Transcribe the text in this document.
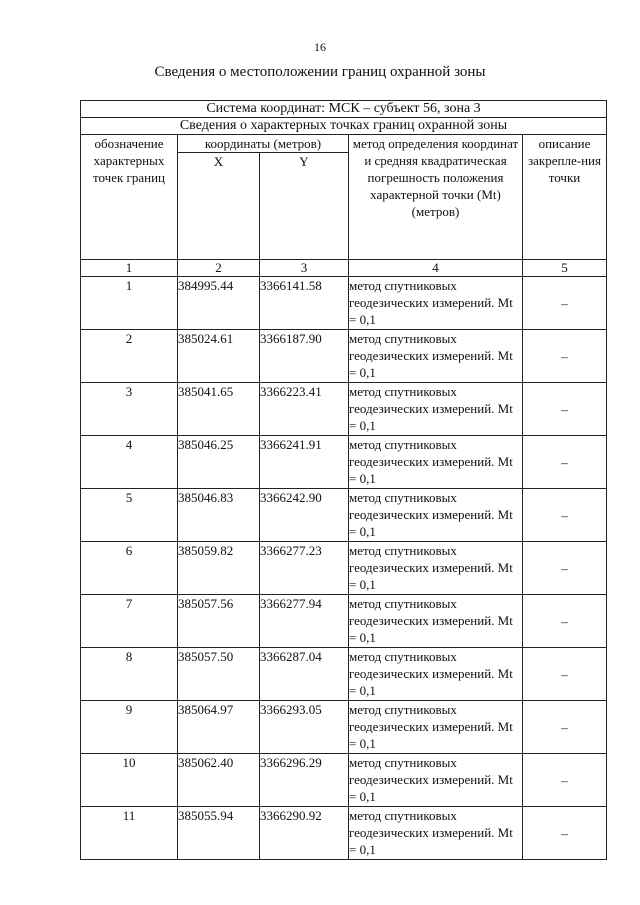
16
Сведения о местоположении границ охранной зоны
Система координат: МСК – субъект 56, зона 3				
Сведения о характерных точках границ охранной зоны				
обозначение характерных точек границ	координаты (метров)		метод определения координат и средняя квадратическая погрешность положения характерной точки (Mt) (метров)	описание закрепле-ния точки
	X	Y		
1	2	3	4	5
1	384995.44	3366141.58	метод спутниковых геодезических измерений. Mt = 0,1	–
2	385024.61	3366187.90	метод спутниковых геодезических измерений. Mt = 0,1	–
3	385041.65	3366223.41	метод спутниковых геодезических измерений. Mt = 0,1	–
4	385046.25	3366241.91	метод спутниковых геодезических измерений. Mt = 0,1	–
5	385046.83	3366242.90	метод спутниковых геодезических измерений. Mt = 0,1	–
6	385059.82	3366277.23	метод спутниковых геодезических измерений. Mt = 0,1	–
7	385057.56	3366277.94	метод спутниковых геодезических измерений. Mt = 0,1	–
8	385057.50	3366287.04	метод спутниковых геодезических измерений. Mt = 0,1	–
9	385064.97	3366293.05	метод спутниковых геодезических измерений. Mt = 0,1	–
10	385062.40	3366296.29	метод спутниковых геодезических измерений. Mt = 0,1	–
11	385055.94	3366290.92	метод спутниковых геодезических измерений. Mt = 0,1	–
